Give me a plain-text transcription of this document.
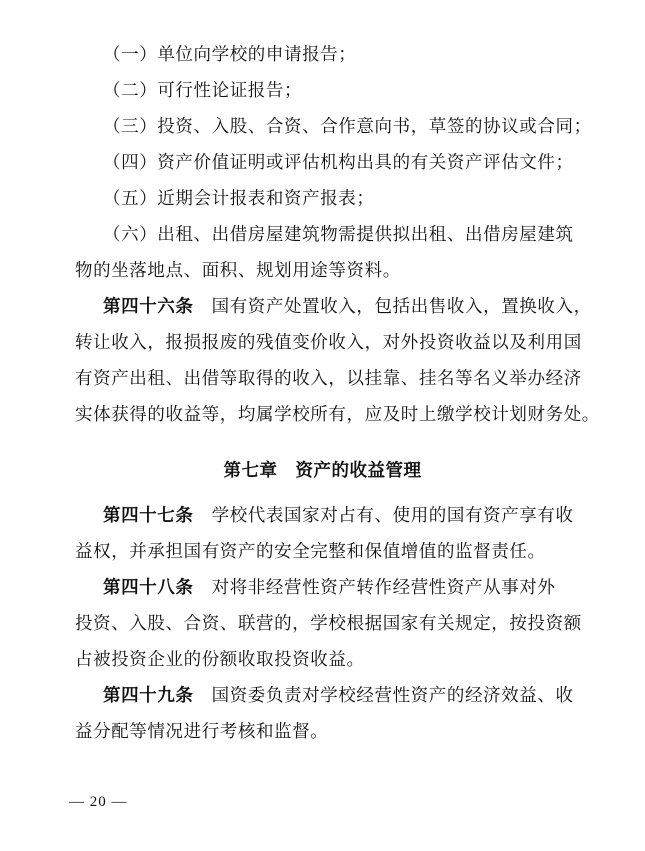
（一）单位向学校的申请报告；
（二）可行性论证报告；
（三）投资、入股、合资、合作意向书，草签的协议或合同；
（四）资产价值证明或评估机构出具的有关资产评估文件；
（五）近期会计报表和资产报表；
（六）出租、出借房屋建筑物需提供拟出租、出借房屋建筑
物的坐落地点、面积、规划用途等资料。
第四十六条　 国有资产处置收入，包括出售收入，置换收入，
转让收入，报损报废的残值变价收入，对外投资收益以及利用国
有资产出租、出借等取得的收入，以挂靠、挂名等名义举办经济
实体获得的收益等，均属学校所有，应及时上缴学校计划财务处。
第七章　资产的收益管理
第四十七条　 学校代表国家对占有、使用的国有资产享有收
益权，并承担国有资产的安全完整和保值增值的监督责任。
第四十八条　 对将非经营性资产转作经营性资产从事对外
投资、入股、合资、联营的，学校根据国家有关规定，按投资额
占被投资企业的份额收取投资收益。
第四十九条　 国资委负责对学校经营性资产的经济效益、收
益分配等情况进行考核和监督。
— 20 —
